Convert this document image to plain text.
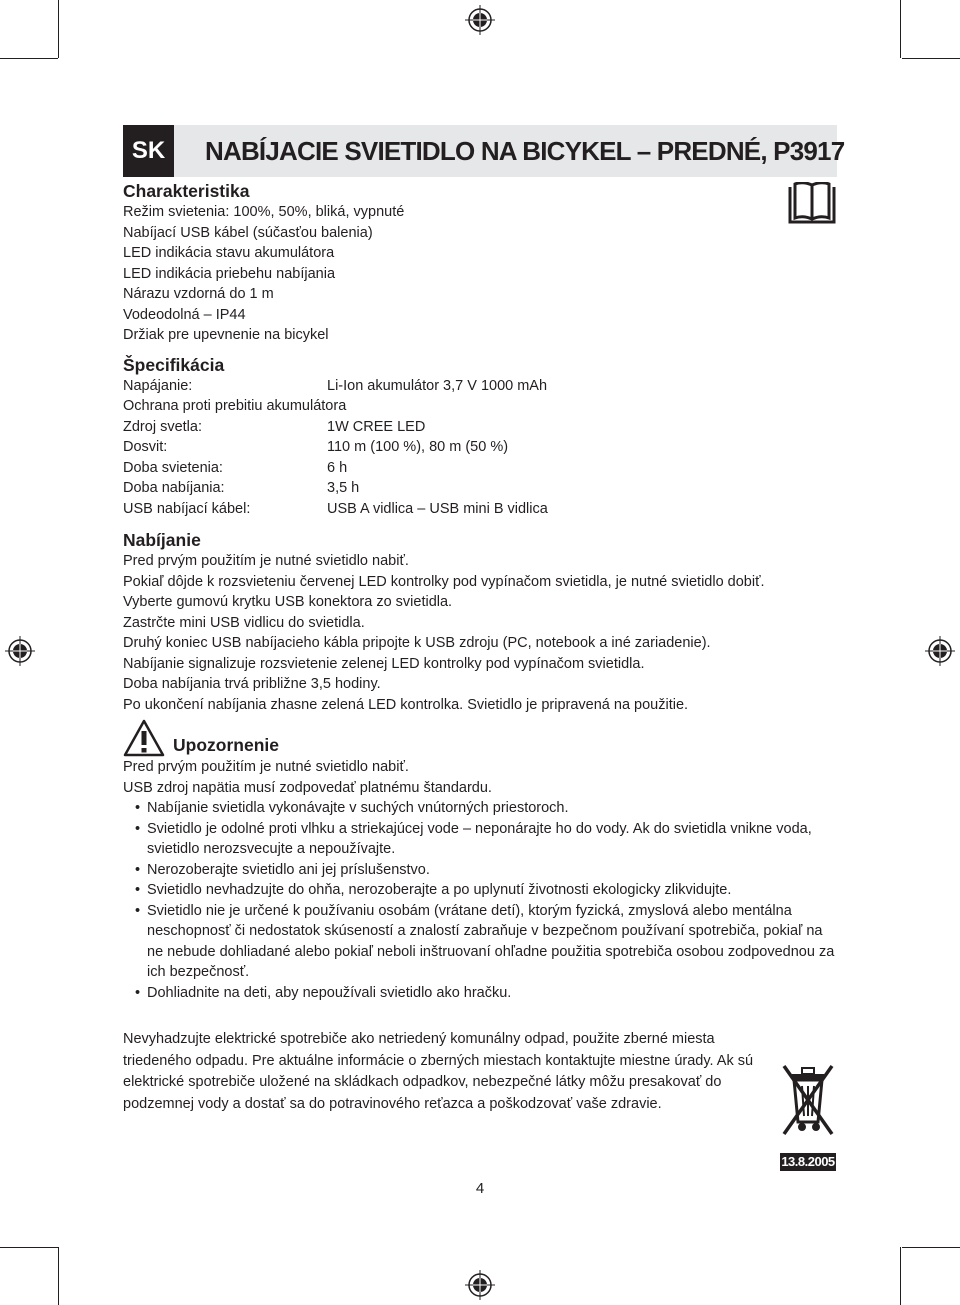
SK	NABÍJACIE SVIETIDLO NA BICYKEL – PREDNÉ, P3917
Charakteristika

Režim svietenia: 100%, 50%, bliká, vypnuté

Nabíjací USB kábel (súčasťou balenia)

LED indikácia stavu akumulátora

LED indikácia priebehu nabíjania

Nárazu vzdorná do 1 m

Vodeodolná – IP44

Držiak pre upevnenie na bicykel

Špecifikácia
Napájanie:	Li-Ion akumulátor 3,7 V 1000 mAh
Ochrana proti prebitiu akumulátora
Zdroj svetla:	1W CREE LED
Dosvit:	110 m (100 %), 80 m (50 %)
Doba svietenia:	6 h
Doba nabíjania:	3,5 h
USB nabíjací kábel:	USB A vidlica – USB mini B vidlica
Nabíjanie

Pred prvým použitím je nutné svietidlo nabiť.

Pokiaľ dôjde k rozsvieteniu červenej LED kontrolky pod vypínačom svietidla, je nutné svietidlo dobiť.

Vyberte gumovú krytku USB konektora zo svietidla.

Zastrčte mini USB vidlicu do svietidla.

Druhý koniec USB nabíjacieho kábla pripojte k USB zdroju (PC, notebook a iné zariadenie).

Nabíjanie signalizuje rozsvietenie zelenej LED kontrolky pod vypínačom svietidla.

Doba nabíjania trvá približne 3,5 hodiny.

Po ukončení nabíjania zhasne zelená LED kontrolka. Svietidlo je pripravená na použitie.

Upozornenie

Pred prvým použitím je nutné svietidlo nabiť.

USB zdroj napätia musí zodpovedať platnému štandardu.

• Nabíjanie svietidla vykonávajte v suchých vnútorných priestoroch.
• Svietidlo je odolné proti vlhku a striekajúcej vode – neponárajte ho do vody. Ak do svietidla vnikne voda, svietidlo nerozsvecujte a nepoužívajte.
• Nerozoberajte svietidlo ani jej príslušenstvo.
• Svietidlo nevhadzujte do ohňa, nerozoberajte a po uplynutí životnosti ekologicky zlikvidujte.
• Svietidlo nie je určené k používaniu osobám (vrátane detí), ktorým fyzická, zmyslová alebo mentálna neschopnosť či nedostatok skúseností a znalostí zabraňuje v bezpečnom používaní spotrebiča, pokiaľ na ne nebude dohliadané alebo pokiaľ neboli inštruovaní ohľadne použitia spotrebiča osobou zodpovednou za ich bezpečnosť.
• Dohliadnite na deti, aby nepoužívali svietidlo ako hračku.

Nevyhadzujte elektrické spotrebiče ako netriedený komunálny odpad, použite zberné miesta triedeného odpadu. Pre aktuálne informácie o zberných miestach kontaktujte miestne úrady. Ak sú elektrické spotrebiče uložené na skládkach odpadkov, nebezpečné látky môžu presakovať do podzemnej vody a dostať sa do potravinového reťazca a poškodzovať vaše zdravie.

13.8.2005
4
